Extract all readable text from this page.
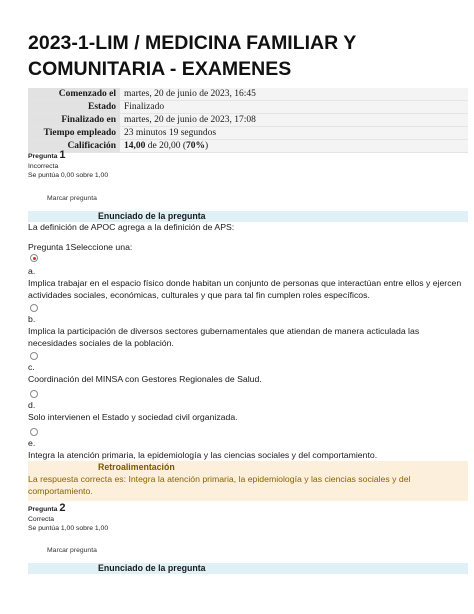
2023-1-LIM / MEDICINA FAMILIAR Y COMUNITARIA - EXAMENES
Comenzado el	martes, 20 de junio de 2023, 16:45
Estado	Finalizado
Finalizado en	martes, 20 de junio de 2023, 17:08
Tiempo empleado	23 minutos 19 segundos
Calificación	14,00 de 20,00 (70%)
Pregunta 1
Incorrecta
Se puntúa 0,00 sobre 1,00
Marcar pregunta
Enunciado de la pregunta
La definición de APOC agrega a la definición de APS:
Pregunta 1Seleccione una:
a.
Implica trabajar en el espacio físico donde habitan un conjunto de personas que interactúan entre ellos y ejercen actividades sociales, económicas, culturales y que para tal fin cumplen roles específicos.
b.
Implica la participación de diversos sectores gubernamentales que atiendan de manera acticulada las necesidades sociales de la población.
c.
Coordinación del MINSA con Gestores Regionales de Salud.
d.
Solo intervienen el Estado y sociedad civil organizada.
e.
Integra la atención primaria, la epidemiología y las ciencias sociales y del comportamiento.
Retroalimentación
La respuesta correcta es: Integra la atención primaria, la epidemiología y las ciencias sociales y del comportamiento.
Pregunta 2
Correcta
Se puntúa 1,00 sobre 1,00
Marcar pregunta
Enunciado de la pregunta
